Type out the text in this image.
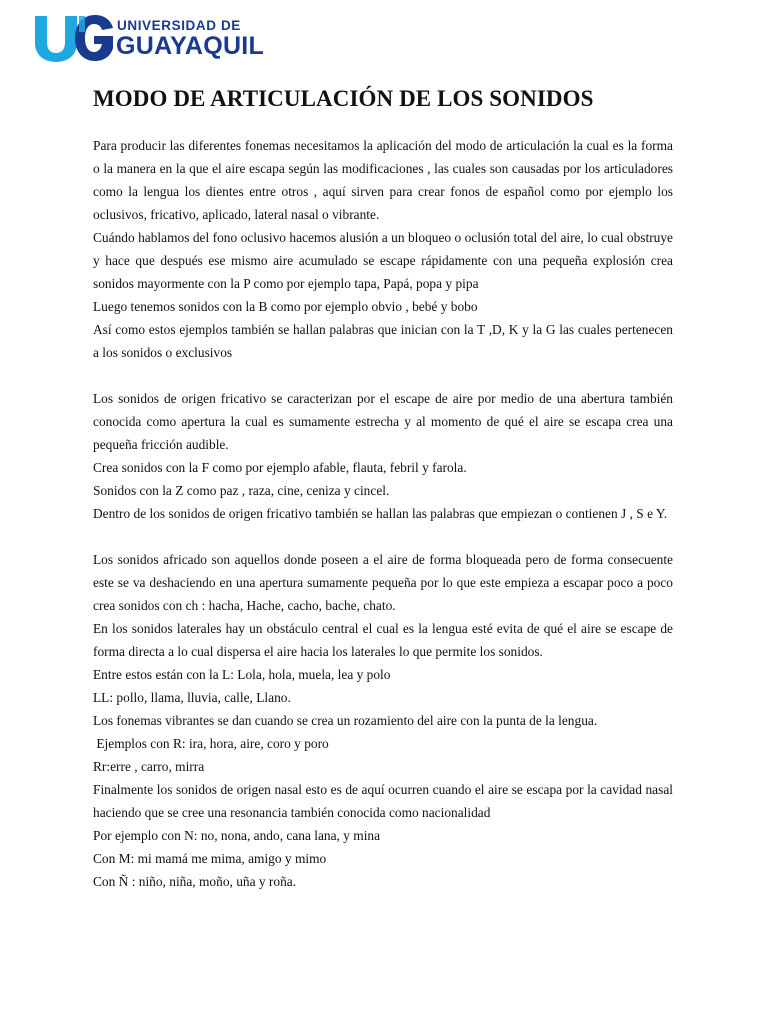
UNIVERSIDAD DE
GUAYAQUIL
MODO DE ARTICULACIÓN DE LOS SONIDOS

Para producir las diferentes fonemas necesitamos la aplicación del modo de articulación la cual es la forma o la manera en la que el aire escapa según las modificaciones , las cuales son causadas por los articuladores como la lengua los dientes entre otros , aquí sirven para crear fonos de español como por ejemplo los oclusivos, fricativo, aplicado, lateral nasal o vibrante.

Cuándo hablamos del fono oclusivo hacemos alusión a un bloqueo o oclusión total del aire, lo cual obstruye y hace que después ese mismo aire acumulado se escape rápidamente con una pequeña explosión crea sonidos mayormente con la P como por ejemplo tapa, Papá, popa y pipa

Luego tenemos sonidos con la B como por ejemplo obvio , bebé y bobo

Así como estos ejemplos también se hallan palabras que inician con la T ,D, K y la G las cuales pertenecen a los sonidos o exclusivos

Los sonidos de origen fricativo se caracterizan por el escape de aire por medio de una abertura también conocida como apertura la cual es sumamente estrecha y al momento de qué el aire se escapa crea una pequeña fricción audible.

Crea sonidos con la F como por ejemplo afable, flauta, febril y farola.

Sonidos con la Z como paz , raza, cine, ceniza y cincel.

Dentro de los sonidos de origen fricativo también se hallan las palabras que empiezan o contienen J , S e Y.

Los sonidos africado son aquellos donde poseen a el aire de forma bloqueada pero de forma consecuente este se va deshaciendo en una apertura sumamente pequeña por lo que este empieza a escapar poco a poco crea sonidos con ch : hacha, Hache, cacho, bache, chato.

En los sonidos laterales hay un obstáculo central el cual es la lengua esté evita de qué el aire se escape de forma directa a lo cual dispersa el aire hacia los laterales lo que permite los sonidos.

Entre estos están con la L: Lola, hola, muela, lea y polo

LL: pollo, llama, lluvia, calle, Llano.

Los fonemas vibrantes se dan cuando se crea un rozamiento del aire con la punta de la lengua.

Ejemplos con R: ira, hora, aire, coro y poro

Rr:erre , carro, mirra

Finalmente los sonidos de origen nasal esto es de aquí ocurren cuando el aire se escapa por la cavidad nasal haciendo que se cree una resonancia también conocida como nacionalidad

Por ejemplo con N: no, nona, ando, cana lana, y mina

Con M: mi mamá me mima, amigo y mimo

Con Ñ : niño, niña, moño, uña y roña.
